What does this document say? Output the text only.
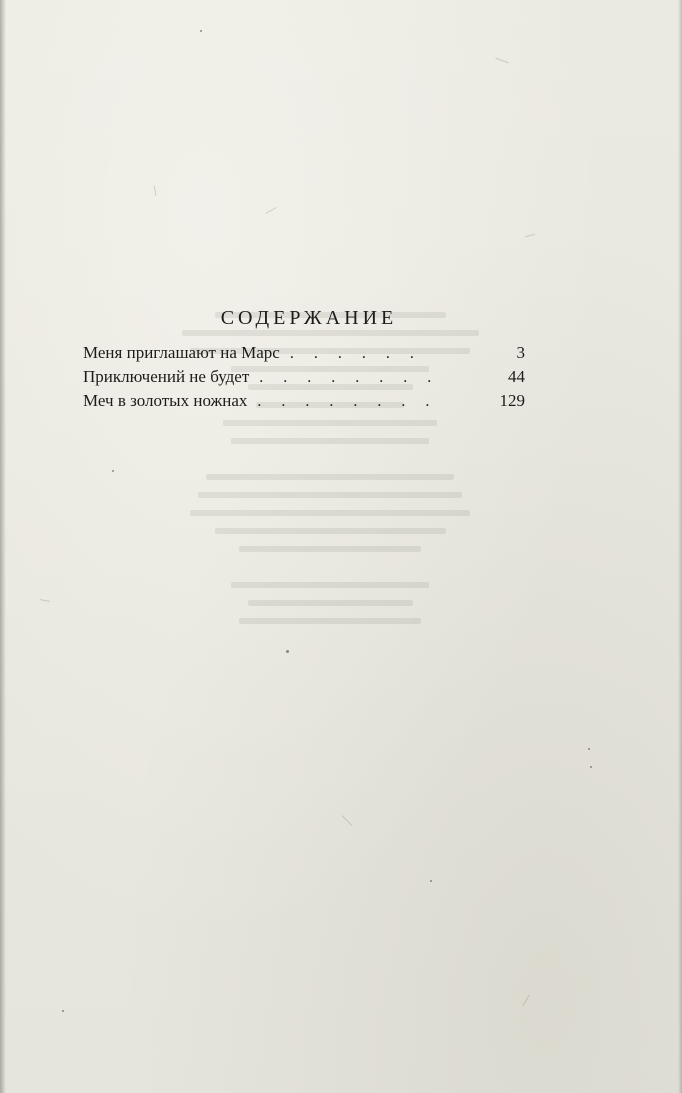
СОДЕРЖАНИЕ
Меня приглашают на Марс . . . . . .	3
Приключений не будет . . . . . . . .	44
Меч в золотых ножнах . . . . . . . .	129
